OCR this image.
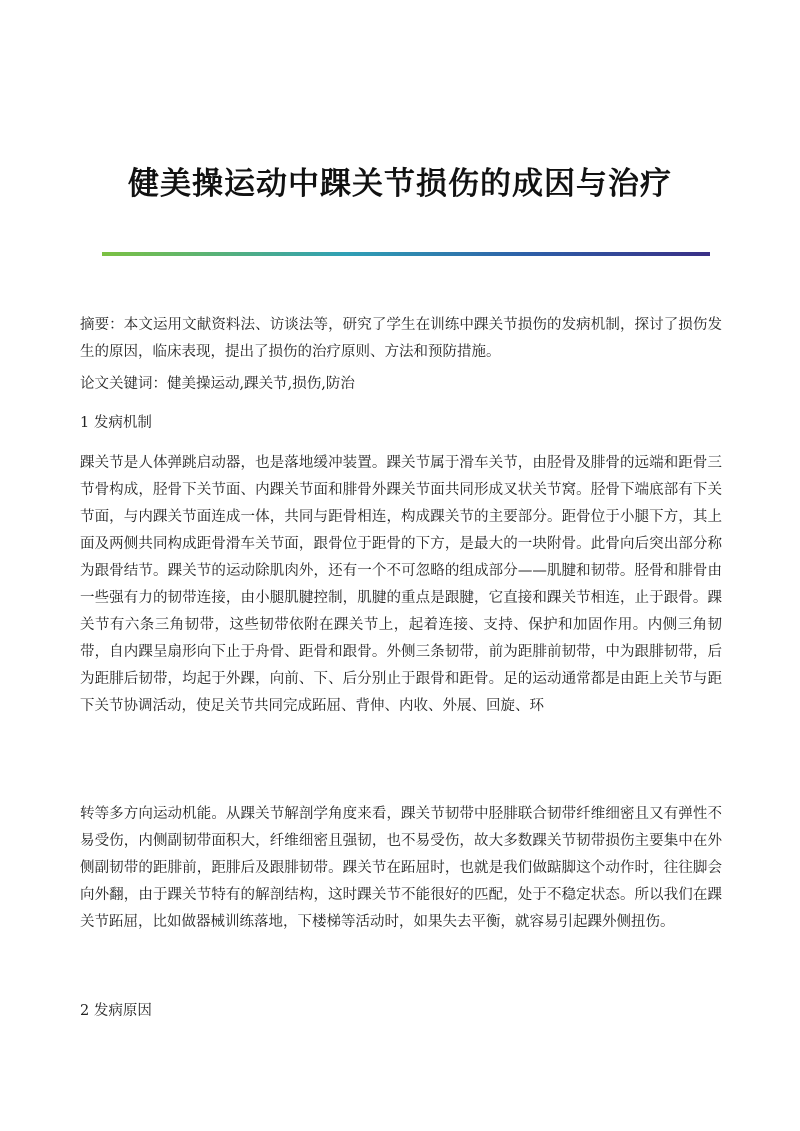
健美操运动中踝关节损伤的成因与治疗

摘要：本文运用文献资料法、访谈法等，研究了学生在训练中踝关节损伤的发病机制，探讨了损伤发生的原因，临床表现，提出了损伤的治疗原则、方法和预防措施。

论文关键词：健美操运动,踝关节,损伤,防治

1 发病机制

踝关节是人体弹跳启动器，也是落地缓冲装置。踝关节属于滑车关节，由胫骨及腓骨的远端和距骨三节骨构成，胫骨下关节面、内踝关节面和腓骨外踝关节面共同形成叉状关节窝。胫骨下端底部有下关节面，与内踝关节面连成一体，共同与距骨相连，构成踝关节的主要部分。距骨位于小腿下方，其上面及两侧共同构成距骨滑车关节面，跟骨位于距骨的下方，是最大的一块附骨。此骨向后突出部分称为跟骨结节。踝关节的运动除肌肉外，还有一个不可忽略的组成部分——肌腱和韧带。胫骨和腓骨由一些强有力的韧带连接，由小腿肌腱控制，肌腱的重点是跟腱，它直接和踝关节相连，止于跟骨。踝关节有六条三角韧带，这些韧带依附在踝关节上，起着连接、支持、保护和加固作用。内侧三角韧带，自内踝呈扇形向下止于舟骨、距骨和跟骨。外侧三条韧带，前为距腓前韧带，中为跟腓韧带，后为距腓后韧带，均起于外踝，向前、下、后分别止于跟骨和距骨。足的运动通常都是由距上关节与距下关节协调活动，使足关节共同完成跖屈、背伸、内收、外展、回旋、环

转等多方向运动机能。从踝关节解剖学角度来看，踝关节韧带中胫腓联合韧带纤维细密且又有弹性不易受伤，内侧副韧带面积大，纤维细密且强韧，也不易受伤，故大多数踝关节韧带损伤主要集中在外侧副韧带的距腓前，距腓后及跟腓韧带。踝关节在跖屈时，也就是我们做踮脚这个动作时，往往脚会向外翻，由于踝关节特有的解剖结构，这时踝关节不能很好的匹配，处于不稳定状态。所以我们在踝关节跖屈，比如做器械训练落地，下楼梯等活动时，如果失去平衡，就容易引起踝外侧扭伤。

2 发病原因
